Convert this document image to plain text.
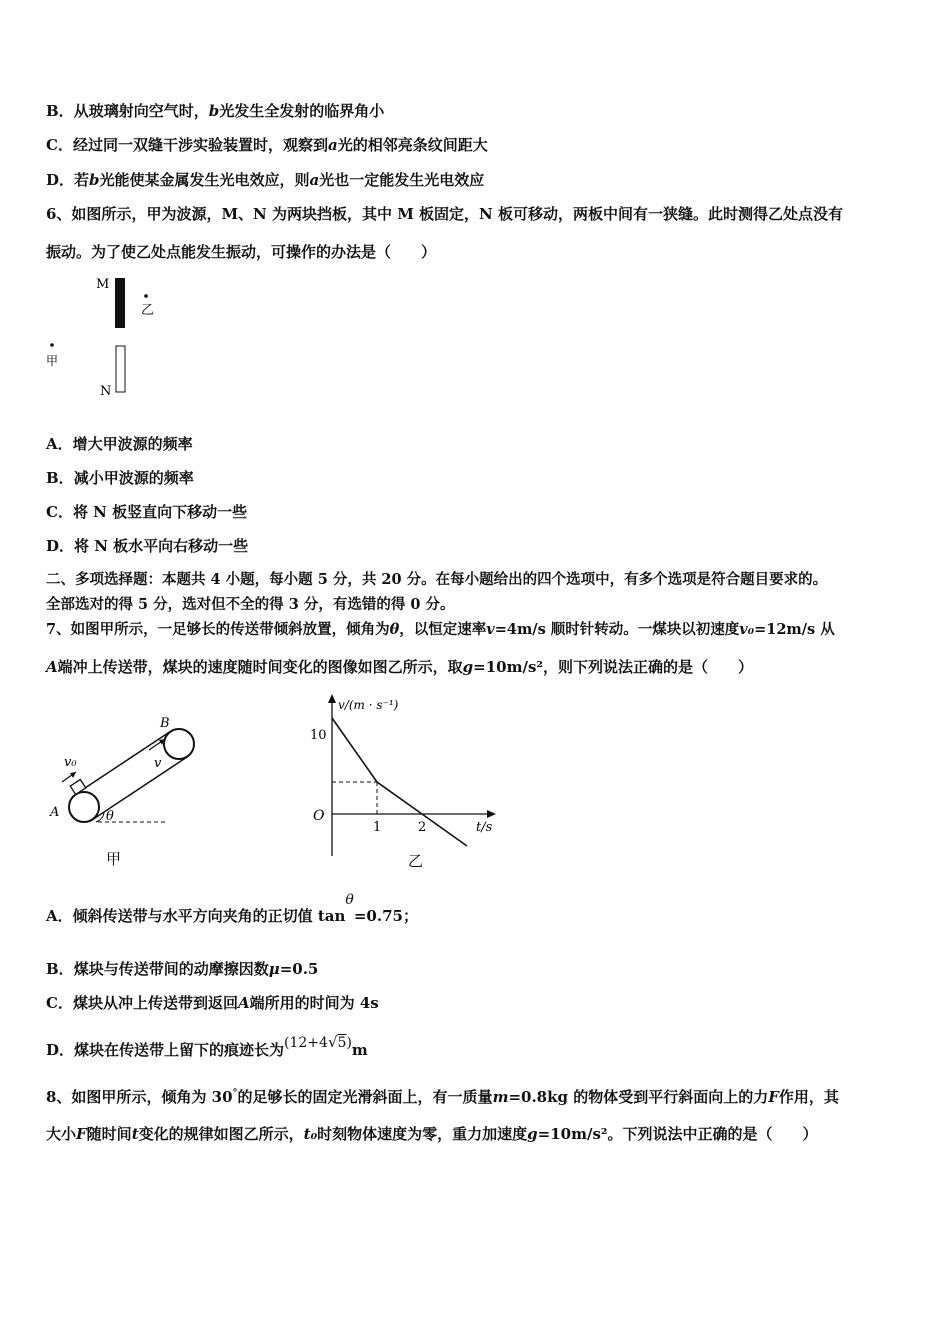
B．从玻璃射向空气时，b光发生全发射的临界角小
C．经过同一双缝干涉实验装置时，观察到a光的相邻亮条纹间距大
D．若b光能使某金属发生光电效应，则a光也一定能发生光电效应
6、如图所示，甲为波源，M、N 为两块挡板，其中 M 板固定，N 板可移动，两板中间有一狭缝。此时测得乙处点没有
振动。为了使乙处点能发生振动，可操作的办法是（　　）
M
乙
甲
N
A．增大甲波源的频率
B．减小甲波源的频率
C．将 N 板竖直向下移动一些
D．将 N 板水平向右移动一些
二、多项选择题：本题共 4 小题，每小题 5 分，共 20 分。在每小题给出的四个选项中，有多个选项是符合题目要求的。
全部选对的得 5 分，选对但不全的得 3 分，有选错的得 0 分。
7、如图甲所示，一足够长的传送带倾斜放置，倾角为θ，以恒定速率v=4m/s 顺时针转动。一煤块以初速度v₀=12m/s 从
A端冲上传送带，煤块的速度随时间变化的图像如图乙所示，取g=10m/s²，则下列说法正确的是（　　）
v₀	v
B
A	θ
甲
v/(m · s⁻¹)
t/s
O
10
1	2
乙
A．倾斜传送带与水平方向夹角的正切值 tanθ=0.75；
B．煤块与传送带间的动摩擦因数μ=0.5
C．煤块从冲上传送带到返回A端所用的时间为 4s
D．煤块在传送带上留下的痕迹长为(12+4√5)m
8、如图甲所示，倾角为 30°的足够长的固定光滑斜面上，有一质量m=0.8kg 的物体受到平行斜面向上的力F作用，其
大小F随时间t变化的规律如图乙所示，t₀时刻物体速度为零，重力加速度g=10m/s²。下列说法中正确的是（　　）
